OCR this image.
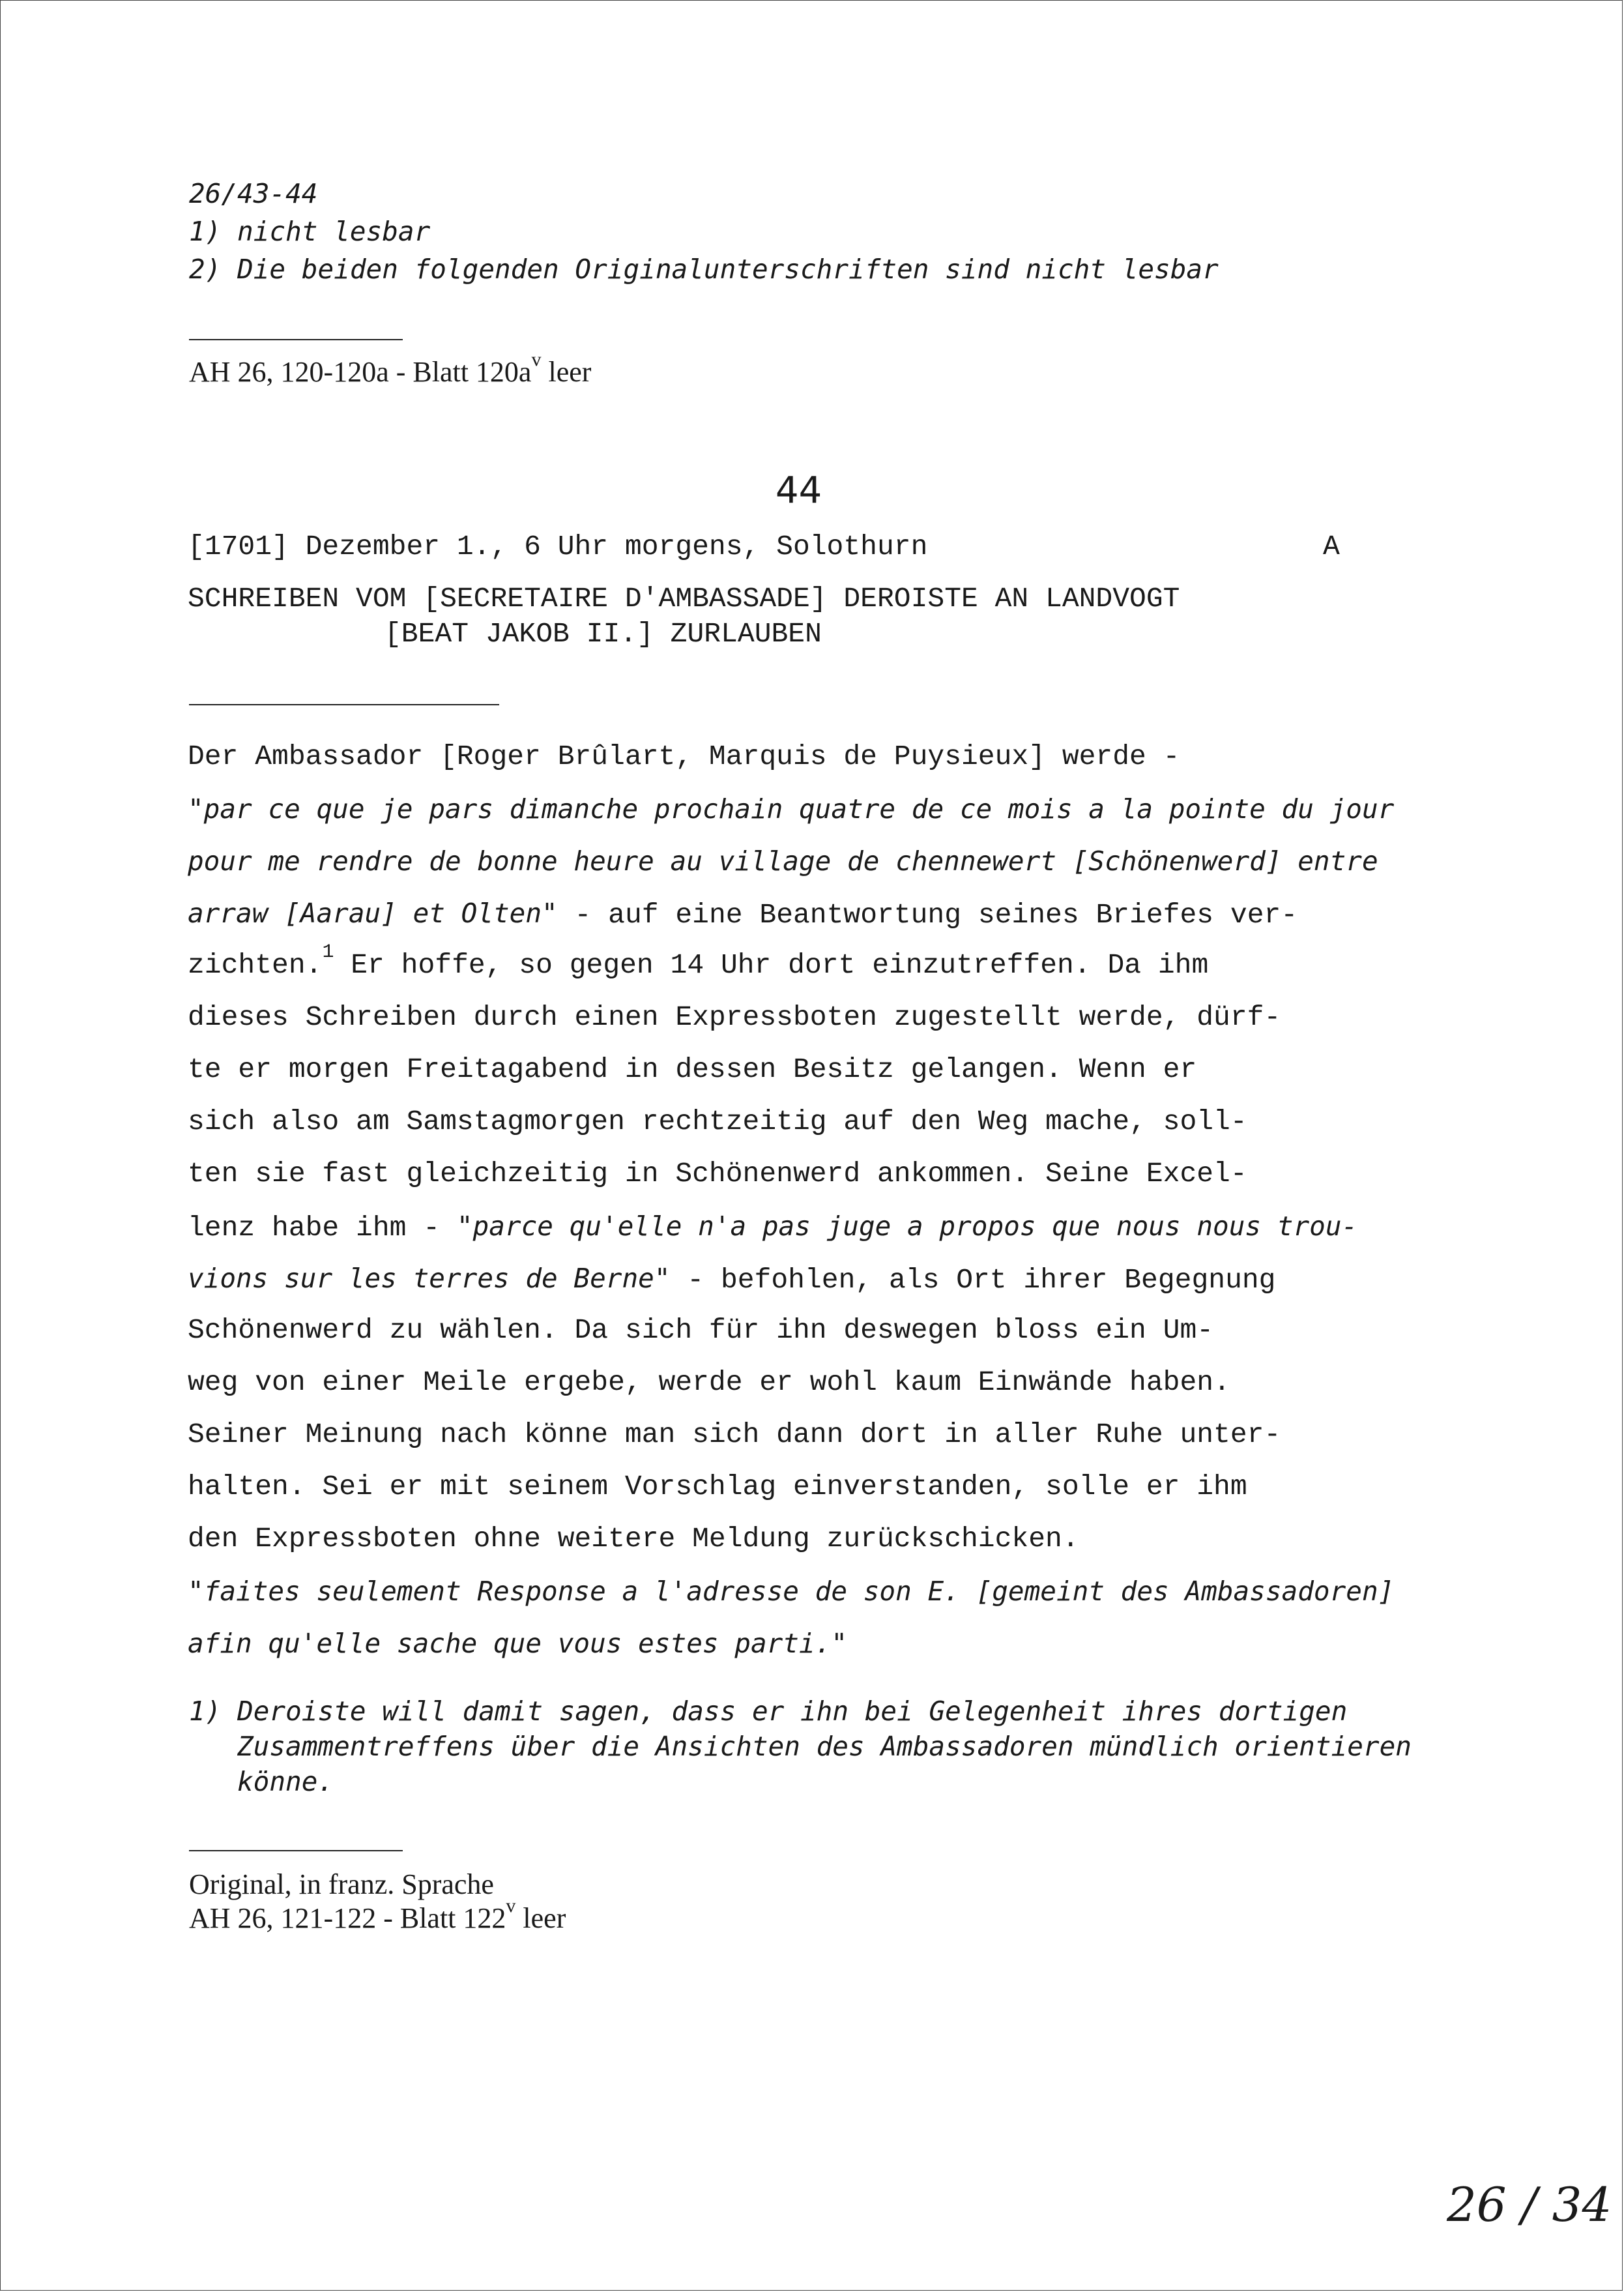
26/43-44
1) nicht lesbar
2) Die beiden folgenden Originalunterschriften sind nicht lesbar
AH 26, 120-120a - Blatt $120a^v$ leer
44
[1701] Dezember 1., 6 Uhr morgens, Solothurn	A
SCHREIBEN VOM [SECRETAIRE D'AMBASSADE] DEROISTE AN LANDVOGT
[BEAT JAKOB II.] ZURLAUBEN
Der Ambassador [Roger Brûlart, Marquis de Puysieux] werde -
"par ce que je pars dimanche prochain quatre de ce mois a la pointe du jour
pour me rendre de bonne heure au village de chennewert [Schönenwerd] entre
arraw [Aarau] et Olten" - auf eine Beantwortung seines Briefes ver-
zichten.$^1$ Er hoffe, so gegen 14 Uhr dort einzutreffen. Da ihm
dieses Schreiben durch einen Expressboten zugestellt werde, dürf-
te er morgen Freitagabend in dessen Besitz gelangen. Wenn er
sich also am Samstagmorgen rechtzeitig auf den Weg mache, soll-
ten sie fast gleichzeitig in Schönenwerd ankommen. Seine Excel-
lenz habe ihm - "parce qu'elle n'a pas juge a propos que nous nous trou-
vions sur les terres de Berne" - befohlen, als Ort ihrer Begegnung
Schönenwerd zu wählen. Da sich für ihn deswegen bloss ein Um-
weg von einer Meile ergebe, werde er wohl kaum Einwände haben.
Seiner Meinung nach könne man sich dann dort in aller Ruhe unter-
halten. Sei er mit seinem Vorschlag einverstanden, solle er ihm
den Expressboten ohne weitere Meldung zurückschicken.
"faites seulement Response a l'adresse de son E. [gemeint des Ambassadoren]
afin qu'elle sache que vous estes parti."
1) Deroiste will damit sagen, dass er ihn bei Gelegenheit ihres dortigen
Zusammentreffens über die Ansichten des Ambassadoren mündlich orientieren
könne.
Original, in franz. Sprache
AH 26, 121-122 - Blatt 122$^v$ leer
26 / 34
